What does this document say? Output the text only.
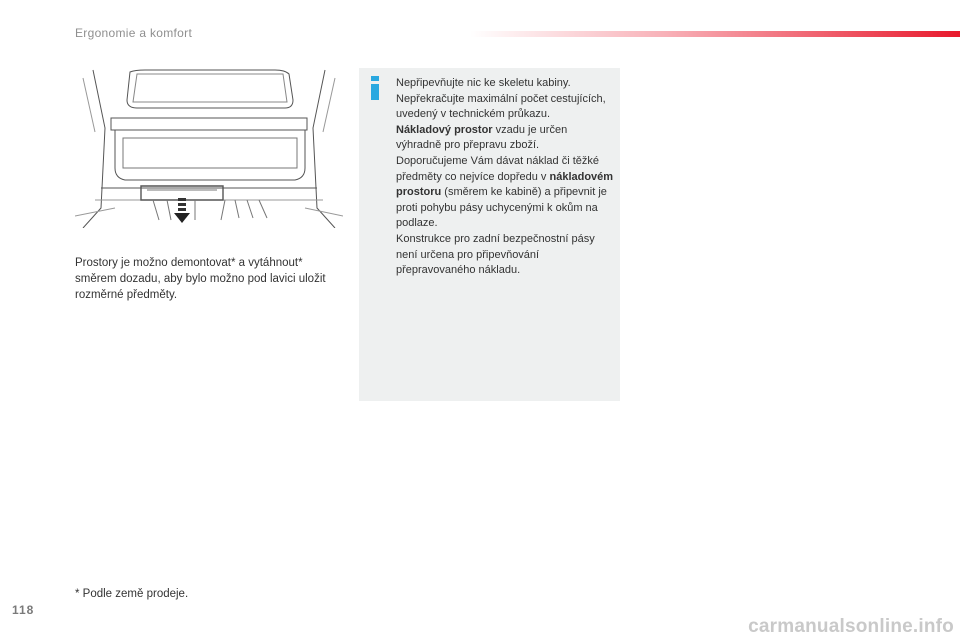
Ergonomie a komfort
Prostory je možno demontovat* a vytáhnout* směrem dozadu, aby bylo možno pod lavici uložit rozměrné předměty.

Nepřipevňujte nic ke skeletu kabiny. Nepřekračujte maximální počet cestujících, uvedený v technickém průkazu.

Nákladový prostor vzadu je určen výhradně pro přepravu zboží.

Doporučujeme Vám dávat náklad či těžké předměty co nejvíce dopředu v nákladovém prostoru (směrem ke kabině) a připevnit je proti pohybu pásy uchycenými k okům na podlaze.

Konstrukce pro zadní bezpečnostní pásy není určena pro připevňování přepravovaného nákladu.

* Podle země prodeje.
118
carmanualsonline.info
